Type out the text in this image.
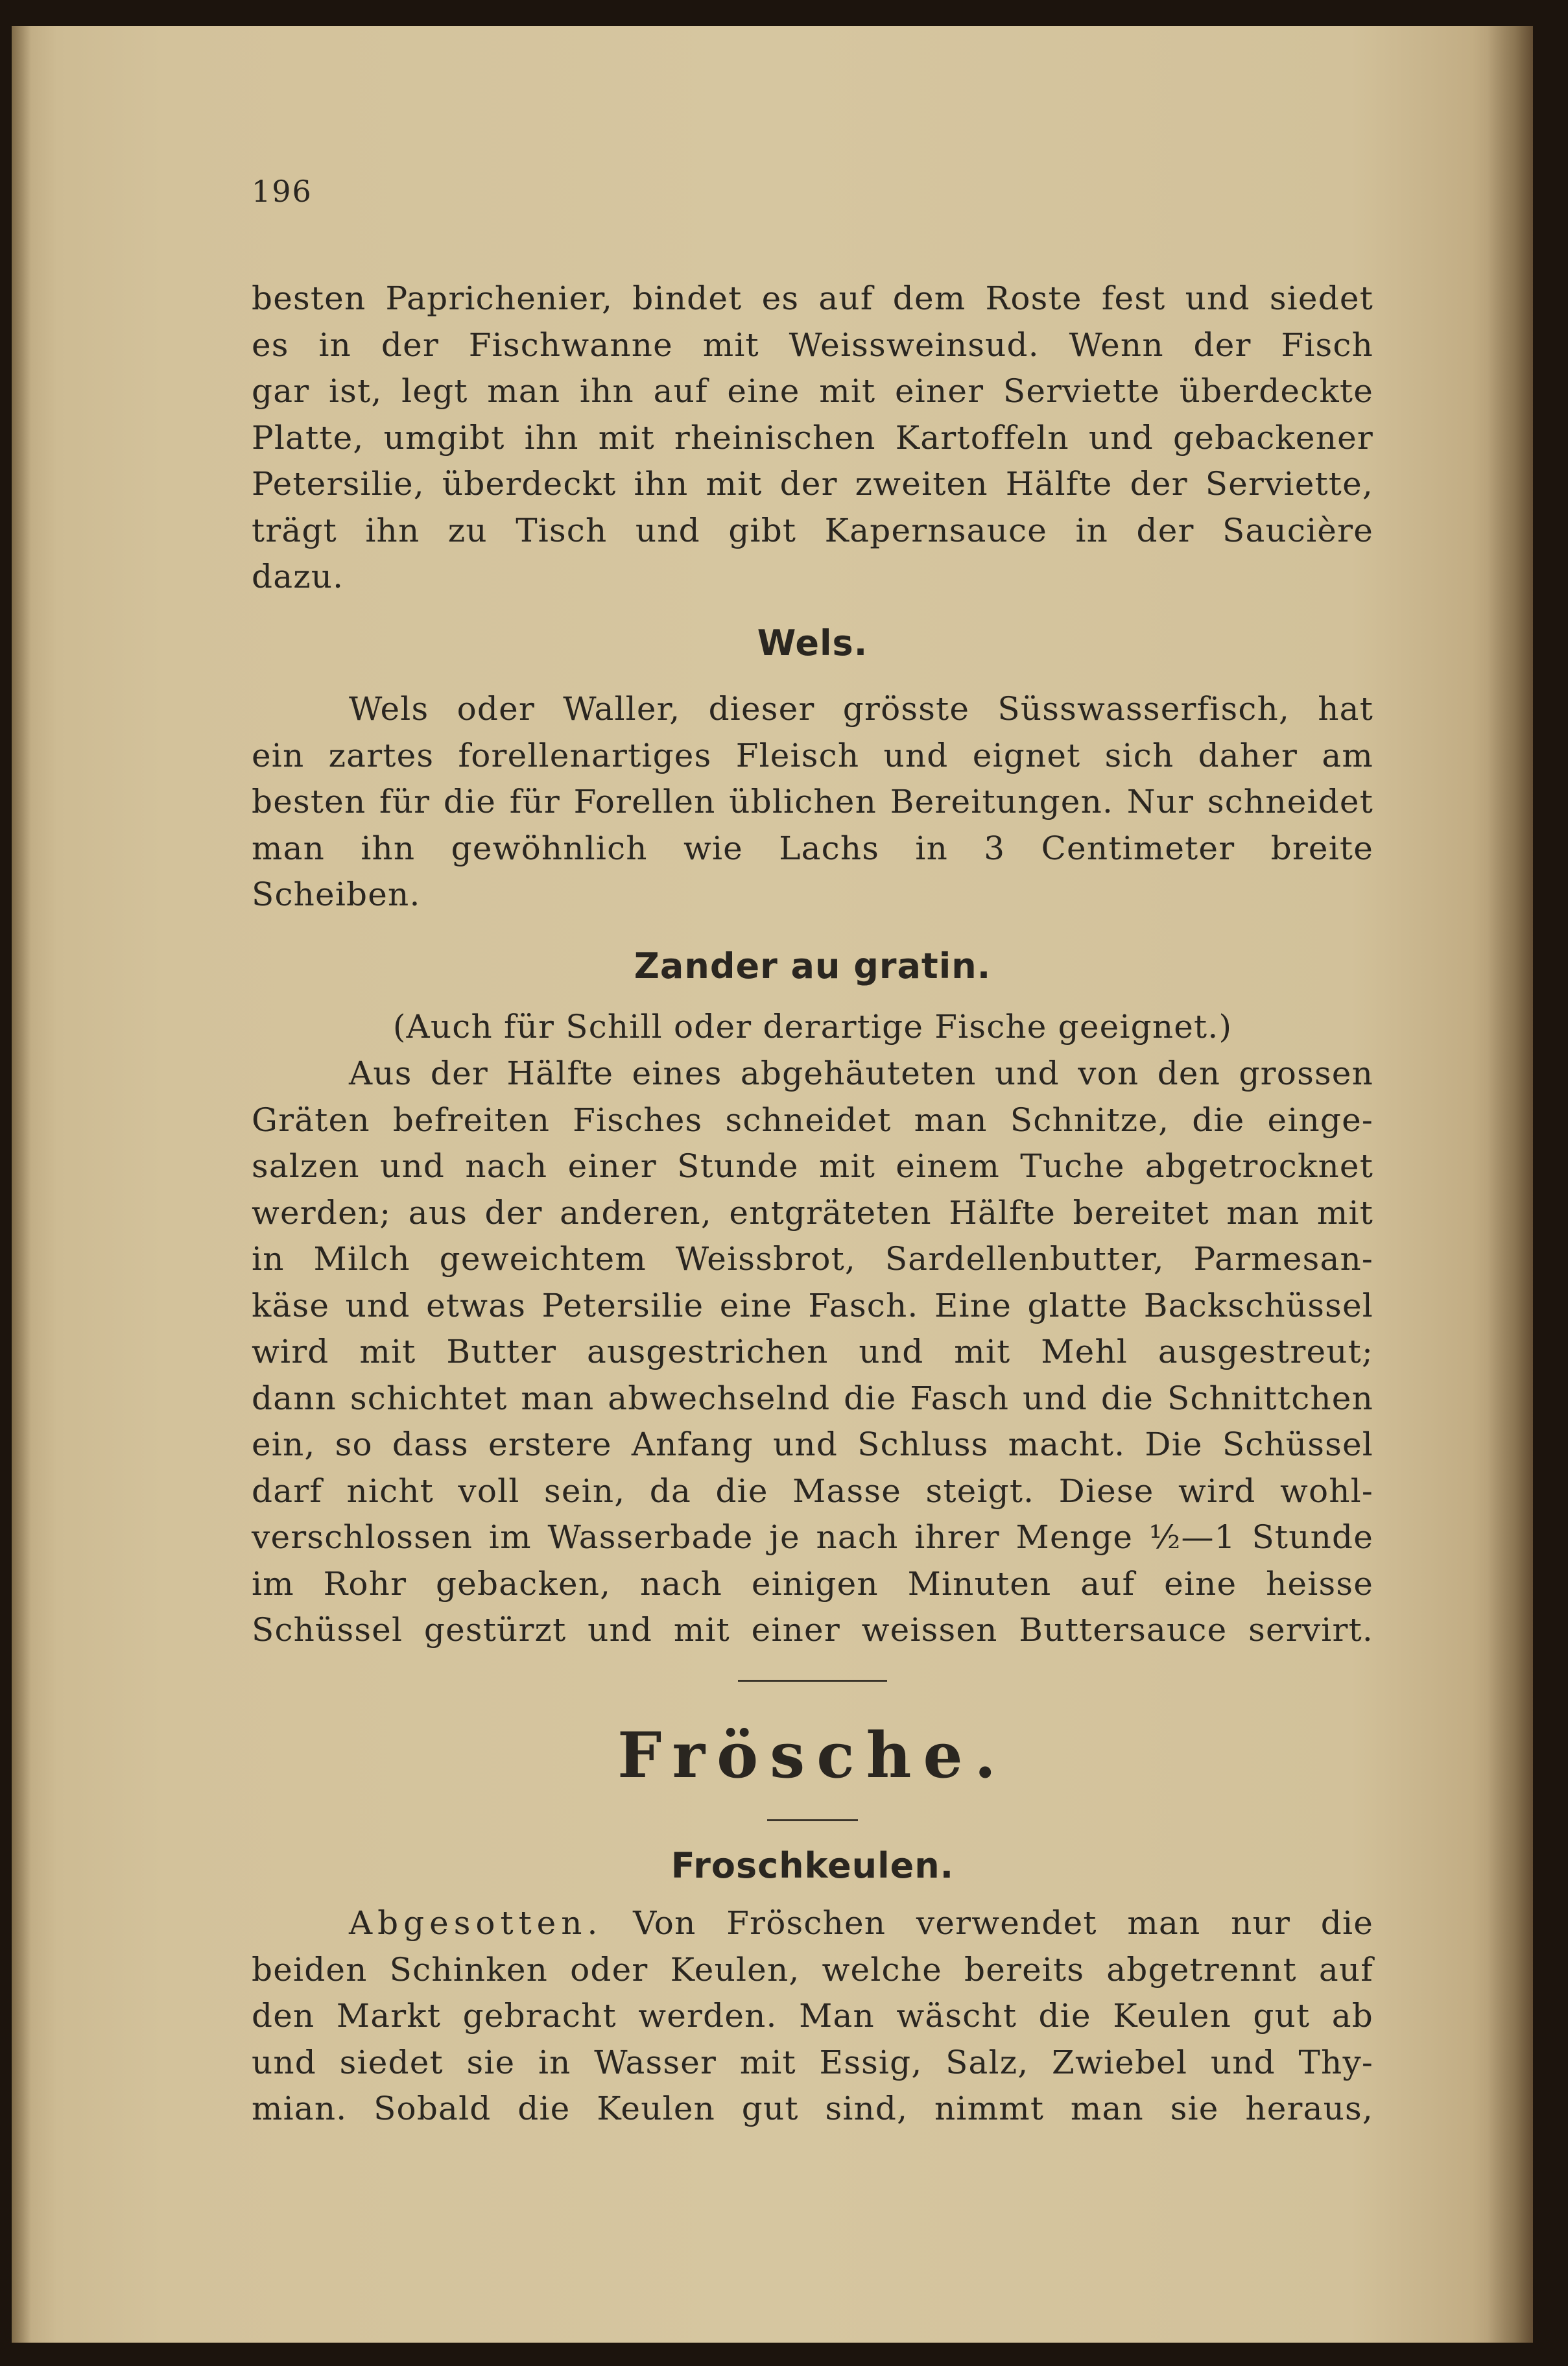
196

besten Paprichenier, bindet es auf dem Roste fest und siedet
es in der Fischwanne mit Weissweinsud. Wenn der Fisch
gar ist, legt man ihn auf eine mit einer Serviette überdeckte
Platte, umgibt ihn mit rheinischen Kartoffeln und gebackener
Petersilie, überdeckt ihn mit der zweiten Hälfte der Serviette,
trägt ihn zu Tisch und gibt Kapernsauce in der Saucière
dazu.

Wels.

Wels oder Waller, dieser grösste Süsswasserfisch, hat
ein zartes forellenartiges Fleisch und eignet sich daher am
besten für die für Forellen üblichen Bereitungen. Nur schneidet
man ihn gewöhnlich wie Lachs in 3 Centimeter breite
Scheiben.

Zander au gratin.
(Auch für Schill oder derartige Fische geeignet.)

Aus der Hälfte eines abgehäuteten und von den grossen
Gräten befreiten Fisches schneidet man Schnitze, die einge-
salzen und nach einer Stunde mit einem Tuche abgetrocknet
werden; aus der anderen, entgräteten Hälfte bereitet man mit
in Milch geweichtem Weissbrot, Sardellenbutter, Parmesan-
käse und etwas Petersilie eine Fasch. Eine glatte Backschüssel
wird mit Butter ausgestrichen und mit Mehl ausgestreut;
dann schichtet man abwechselnd die Fasch und die Schnittchen
ein, so dass erstere Anfang und Schluss macht. Die Schüssel
darf nicht voll sein, da die Masse steigt. Diese wird wohl-
verschlossen im Wasserbade je nach ihrer Menge ½—1 Stunde
im Rohr gebacken, nach einigen Minuten auf eine heisse
Schüssel gestürzt und mit einer weissen Buttersauce servirt.

Frösche.
Froschkeulen.

Abgesotten. Von Fröschen verwendet man nur die

beiden Schinken oder Keulen, welche bereits abgetrennt auf
den Markt gebracht werden. Man wäscht die Keulen gut ab
und siedet sie in Wasser mit Essig, Salz, Zwiebel und Thy-
mian. Sobald die Keulen gut sind, nimmt man sie heraus,
